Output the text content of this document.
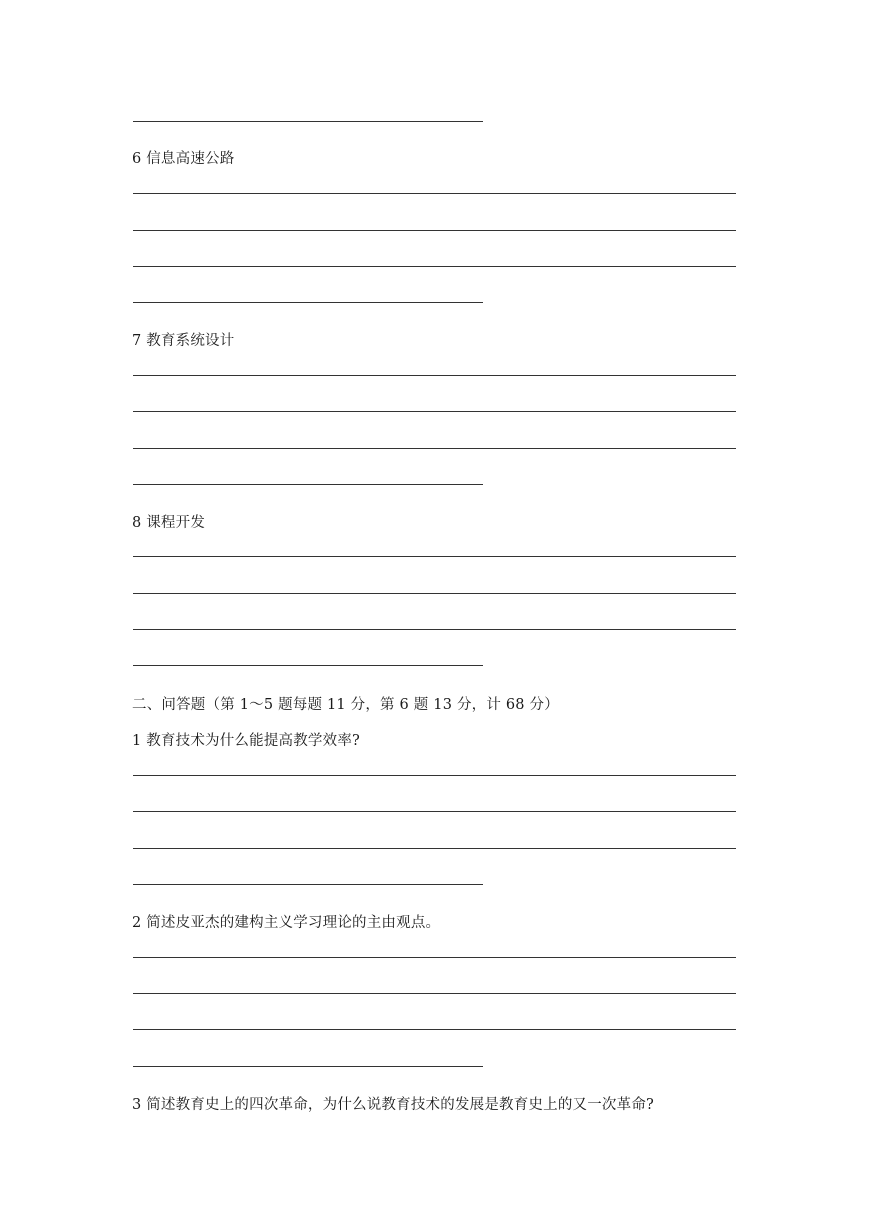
6 信息高速公路
7 教育系统设计
8 课程开发
二、问答题（第 1～5 题每题 11 分，第 6 题 13 分，计 68 分）
1 教育技术为什么能提高教学效率?
2 简述皮亚杰的建构主义学习理论的主由观点。
3 简述教育史上的四次革命，为什么说教育技术的发展是教育史上的又一次革命?
